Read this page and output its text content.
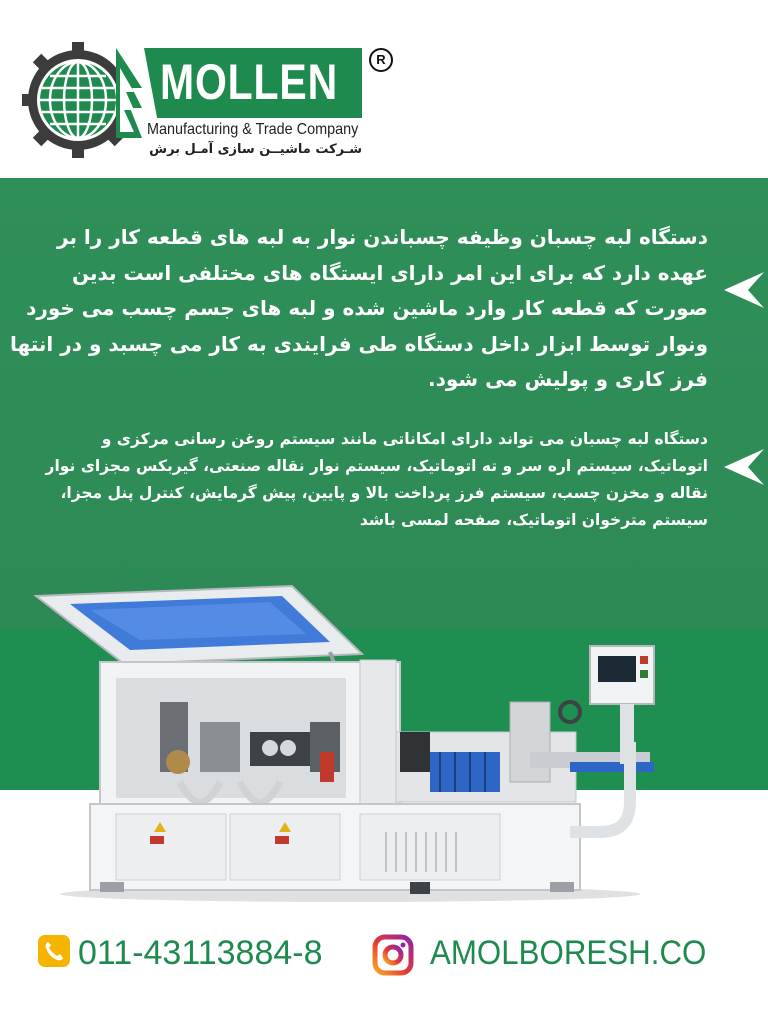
MOLLEN	R
Manufacturing & Trade Company
شـرکت ماشیــن سازی آمـل برش
دستگاه لبه چسبان وظیفه چسباندن نوار به لبه های قطعه کار را بر عهده دارد که برای این امر دارای ایستگاه های مختلفی است بدین صورت که قطعه کار وارد ماشین شده و لبه های جسم چسب می خورد ونوار توسط ابزار داخل دستگاه طی فرایندی به کار می چسبد و در انتها فرز کاری و پولیش می شود.
دستگاه لبه چسبان می تواند دارای امکاناتی مانند سیستم روغن رسانی مرکزی و اتوماتیک، سیستم اره سر و ته اتوماتیک، سیستم نوار نقاله صنعتی، گیربکس مجزای نوار نقاله و مخزن چسب، سیستم فرز پرداخت بالا و پایین، پیش گرمایش، کنترل پنل مجزا، سیستم مترخوان اتوماتیک، صفحه لمسی باشد
011-43113884-8	AMOLBORESH.CO
